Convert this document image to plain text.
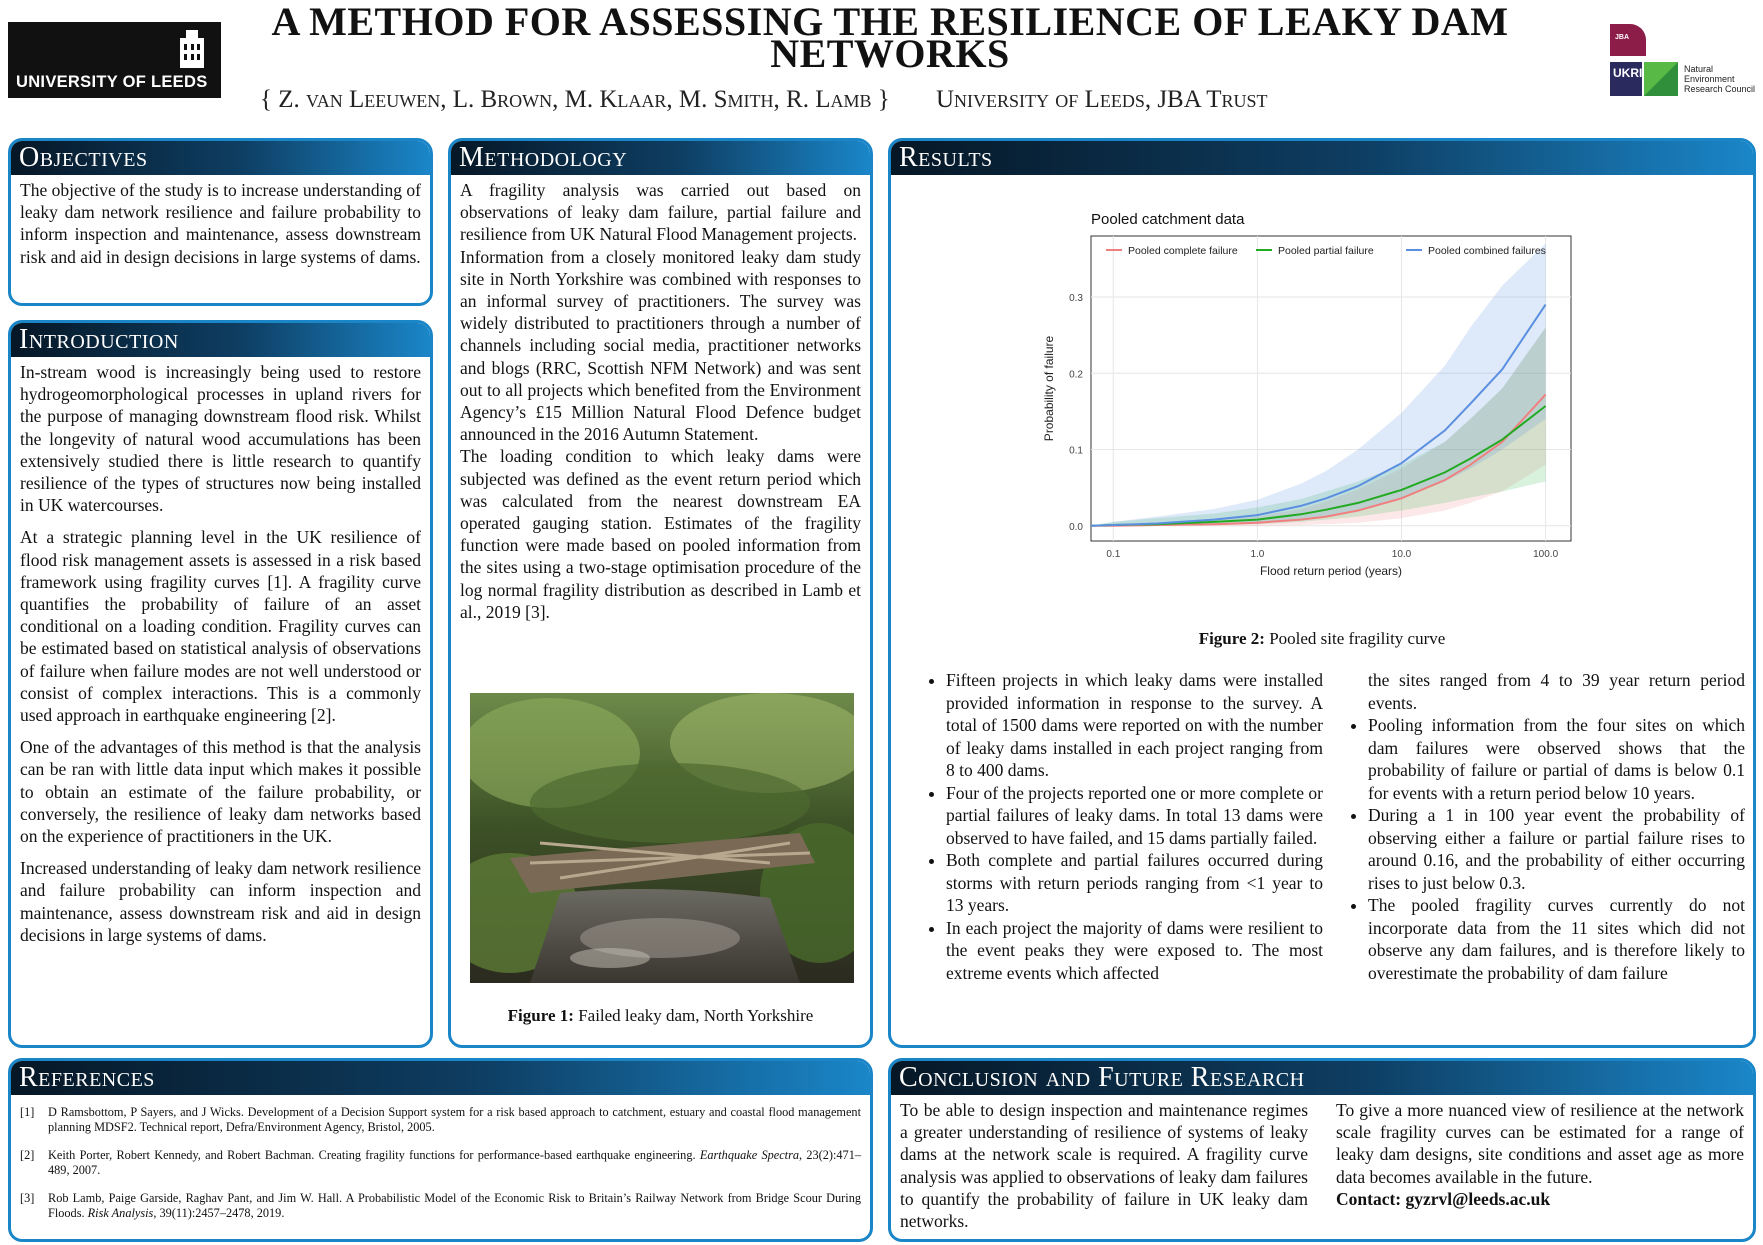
UNIVERSITY OF LEEDS
A METHOD FOR ASSESSING THE RESILIENCE OF LEAKY DAM
NETWORKS
{ Z. van Leeuwen, L. Brown, M. Klaar, M. Smith, R. Lamb } University of Leeds, JBA Trust
JBA
UKRI	Natural
Environment
Research Council
Objectives

The objective of the study is to increase understanding of leaky dam network resilience and failure probability to inform inspection and maintenance, assess downstream risk and aid in design decisions in large systems of dams.

Introduction

In-stream wood is increasingly being used to restore hydrogeomorphological processes in upland rivers for the purpose of managing downstream flood risk. Whilst the longevity of natural wood accumulations has been extensively studied there is little research to quantify resilience of the types of structures now being installed in UK watercourses.

At a strategic planning level in the UK resilience of flood risk management assets is assessed in a risk based framework using fragility curves [1]. A fragility curve quantifies the probability of failure of an asset conditional on a loading condition. Fragility curves can be estimated based on statistical analysis of observations of failure when failure modes are not well understood or consist of complex interactions. This is a commonly used approach in earthquake engineering [2].

One of the advantages of this method is that the analysis can be ran with little data input which makes it possible to obtain an estimate of the failure probability, or conversely, the resilience of leaky dam networks based on the experience of practitioners in the UK.

Increased understanding of leaky dam network resilience and failure probability can inform inspection and maintenance, assess downstream risk and aid in design decisions in large systems of dams.

Methodology

A fragility analysis was carried out based on observations of leaky dam failure, partial failure and resilience from UK Natural Flood Management projects.

Information from a closely monitored leaky dam study site in North Yorkshire was combined with responses to an informal survey of practitioners. The survey was widely distributed to practitioners through a number of channels including social media, practitioner networks and blogs (RRC, Scottish NFM Network) and was sent out to all projects which benefited from the Environment Agency’s £15 Million Natural Flood Defence budget announced in the 2016 Autumn Statement.

The loading condition to which leaky dams were subjected was defined as the event return period which was calculated from the nearest downstream EA operated gauging station. Estimates of the fragility function were made based on pooled information from the sites using a two-stage optimisation procedure of the log normal fragility distribution as described in Lamb et al., 2019 [3].

Figure 1: Failed leaky dam, North Yorkshire
Results
Pooled catchment data
0.0
0.1
0.2
0.3
0.1	1.0	10.0	100.0
Pooled complete failure	Pooled partial failure	Pooled combined failures
Flood return period (years)
Probability of failure
Figure 2: Pooled site fragility curve
• Fifteen projects in which leaky dams were installed provided information in response to the survey. A total of 1500 dams were reported on with the number of leaky dams installed in each project ranging from 8 to 400 dams.
• Four of the projects reported one or more complete or partial failures of leaky dams. In total 13 dams were observed to have failed, and 15 dams partially failed.
• Both complete and partial failures occurred during storms with return periods ranging from <1 year to 13 years.
• In each project the majority of dams were resilient to the event peaks they were exposed to. The most extreme events which affected
the sites ranged from 4 to 39 year return period events.
• Pooling information from the four sites on which dam failures were observed shows that the probability of failure or partial of dams is below 0.1 for events with a return period below 10 years.
• During a 1 in 100 year event the probability of observing either a failure or partial failure rises to around 0.16, and the probability of either occurring rises to just below 0.3.
• The pooled fragility curves currently do not incorporate data from the 11 sites which did not observe any dam failures, and is therefore likely to overestimate the probability of dam failure
References
[1]	D Ramsbottom, P Sayers, and J Wicks. Development of a Decision Support system for a risk based approach to catchment, estuary and coastal flood management planning MDSF2. Technical report, Defra/Environment Agency, Bristol, 2005.
[2]	Keith Porter, Robert Kennedy, and Robert Bachman. Creating fragility functions for performance-based earthquake engineering. Earthquake Spectra, 23(2):471–489, 2007.
[3]	Rob Lamb, Paige Garside, Raghav Pant, and Jim W. Hall. A Probabilistic Model of the Economic Risk to Britain’s Railway Network from Bridge Scour During Floods. Risk Analysis, 39(11):2457–2478, 2019.
Conclusion and Future Research
To be able to design inspection and maintenance regimes a greater understanding of resilience of systems of leaky dams at the network scale is required. A fragility curve analysis was applied to observations of leaky dam failures to quantify the probability of failure in UK leaky dam networks.
To give a more nuanced view of resilience at the network scale fragility curves can be estimated for a range of leaky dam designs, site conditions and asset age as more data becomes available in the future.
Contact: gyzrvl@leeds.ac.uk
